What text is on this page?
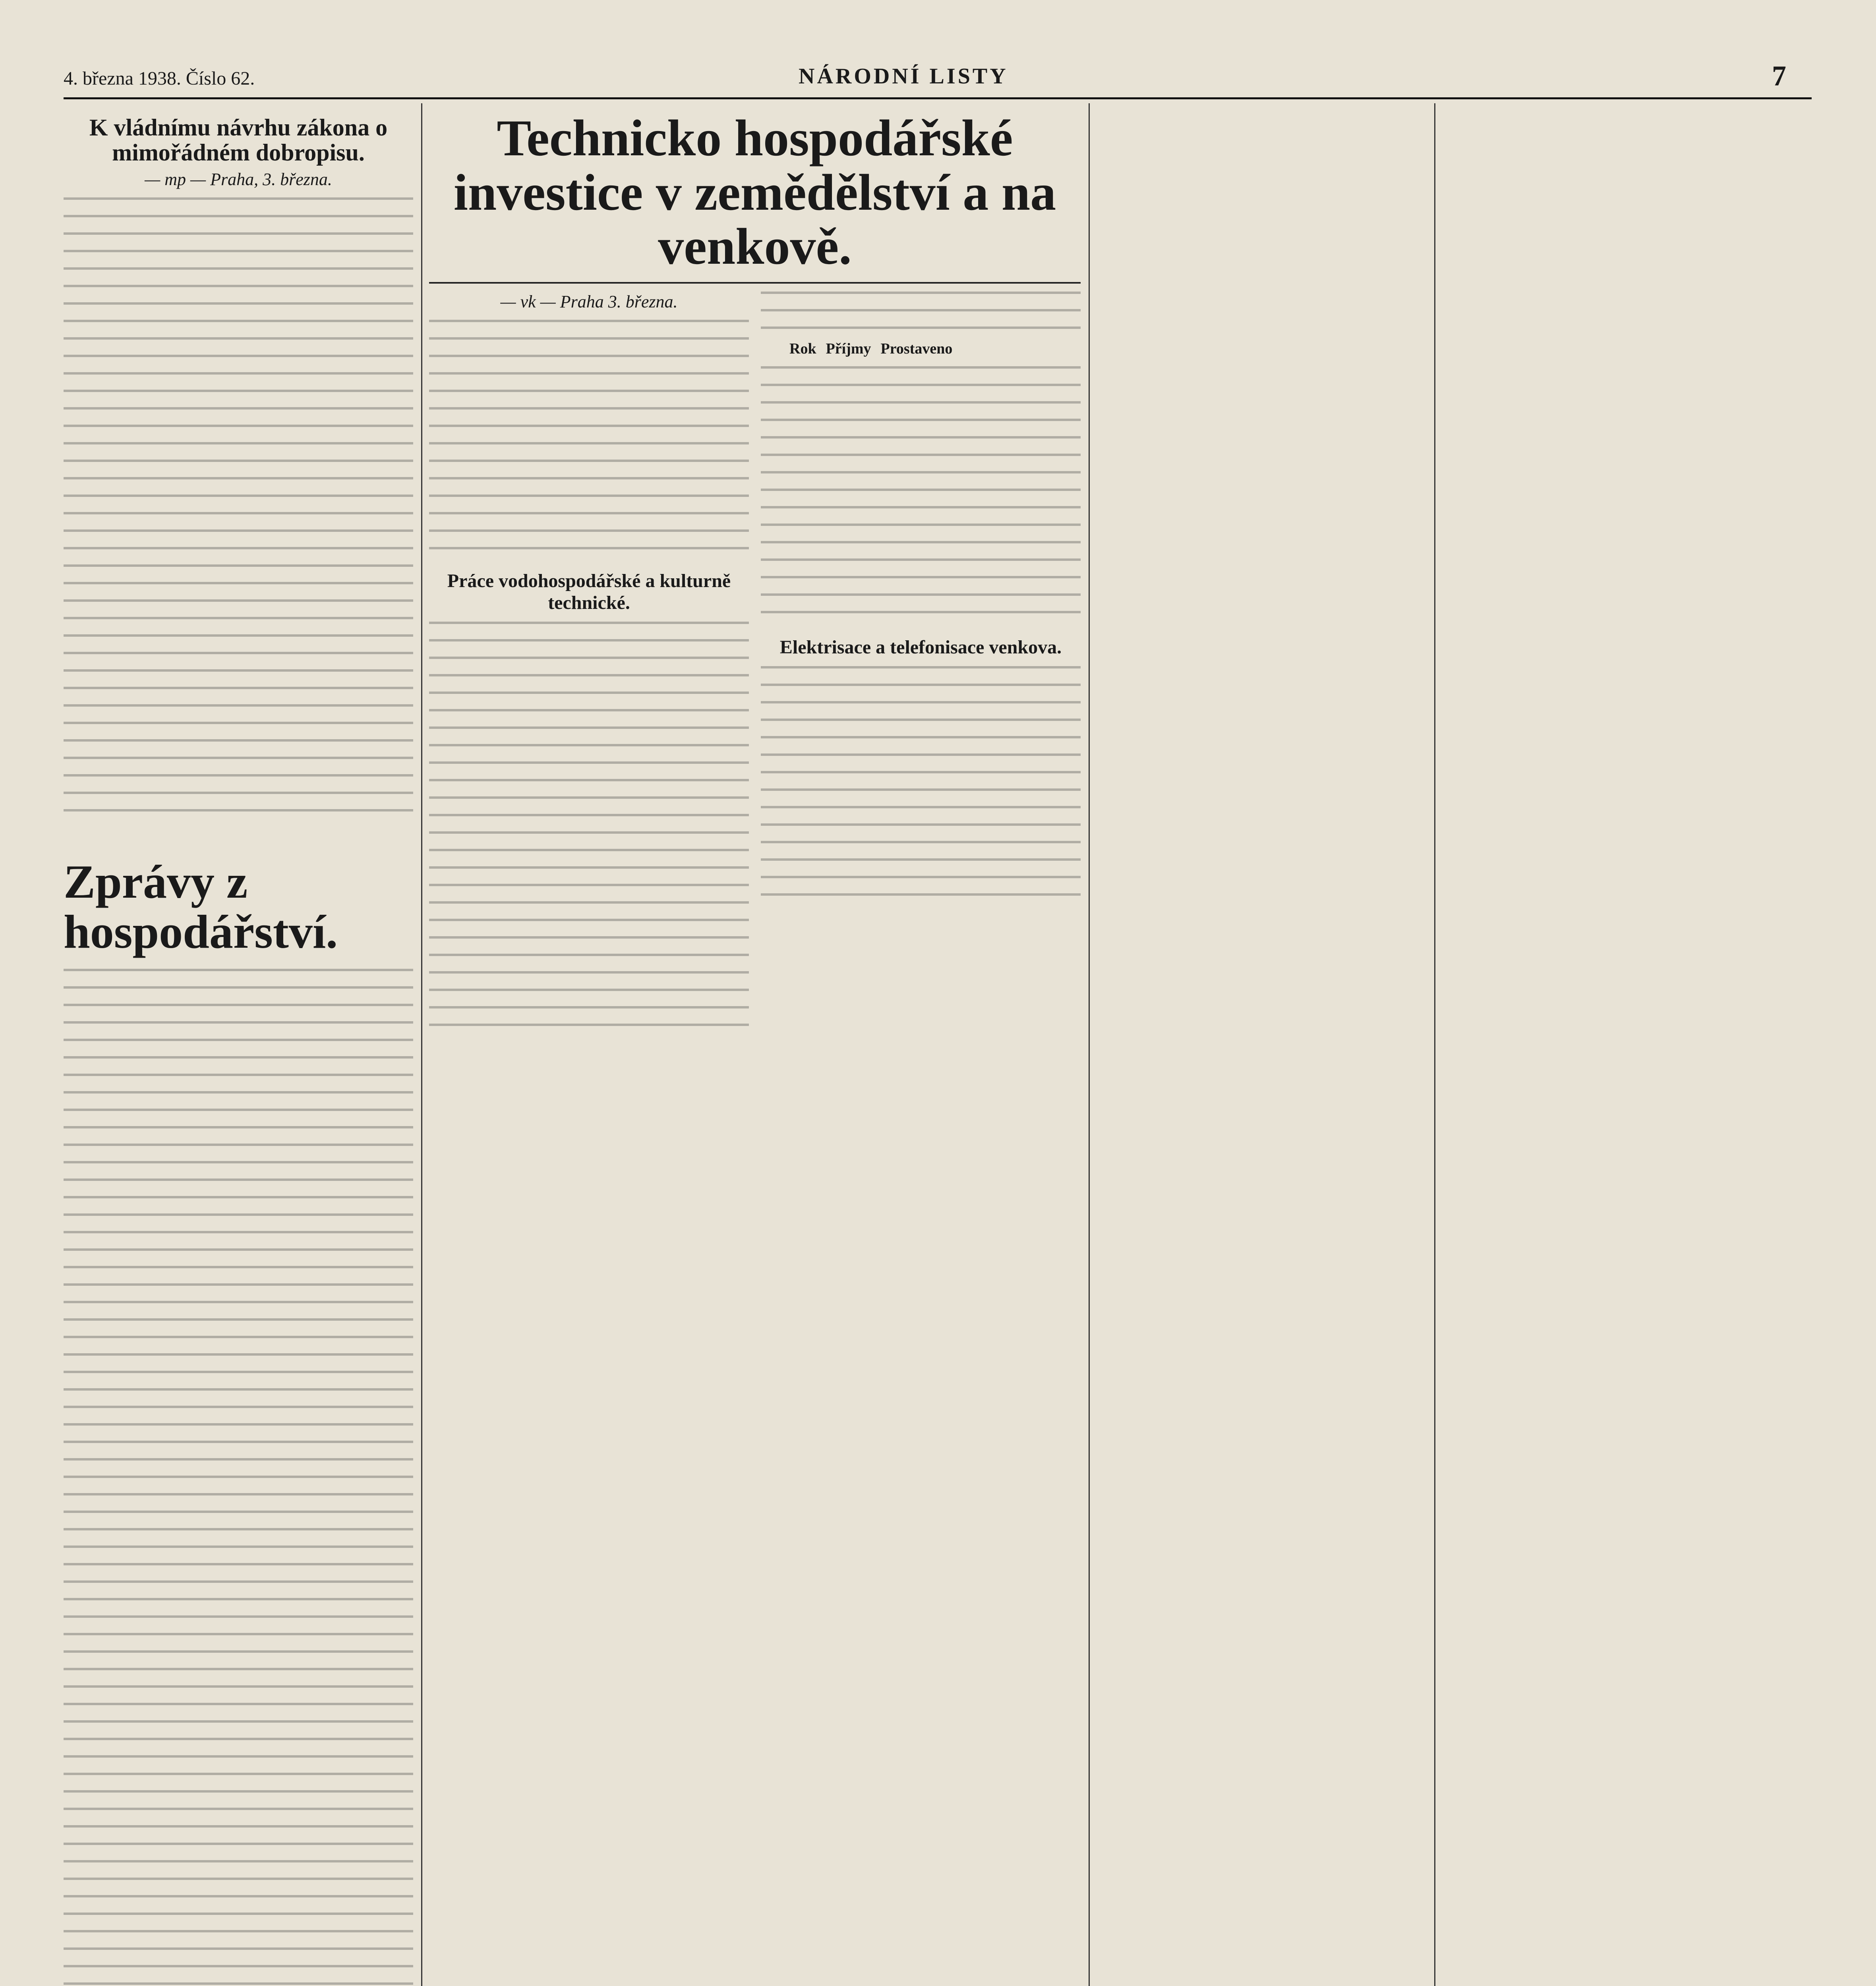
4. března 1938. Číslo 62.	NÁRODNÍ LISTY	7
K vládnímu návrhu zákona o mimořádném dobropisu.
— mp — Praha, 3. března.
Zprávy z hospodářství.
Technicko hospodářské investice v zemědělství a na venkově.
— vk — Praha 3. března.
Práce vodohospodářské a kulturně technické.
Rok	Příjmy	Prostaveno
Elektrisace a telefonisace venkova.
